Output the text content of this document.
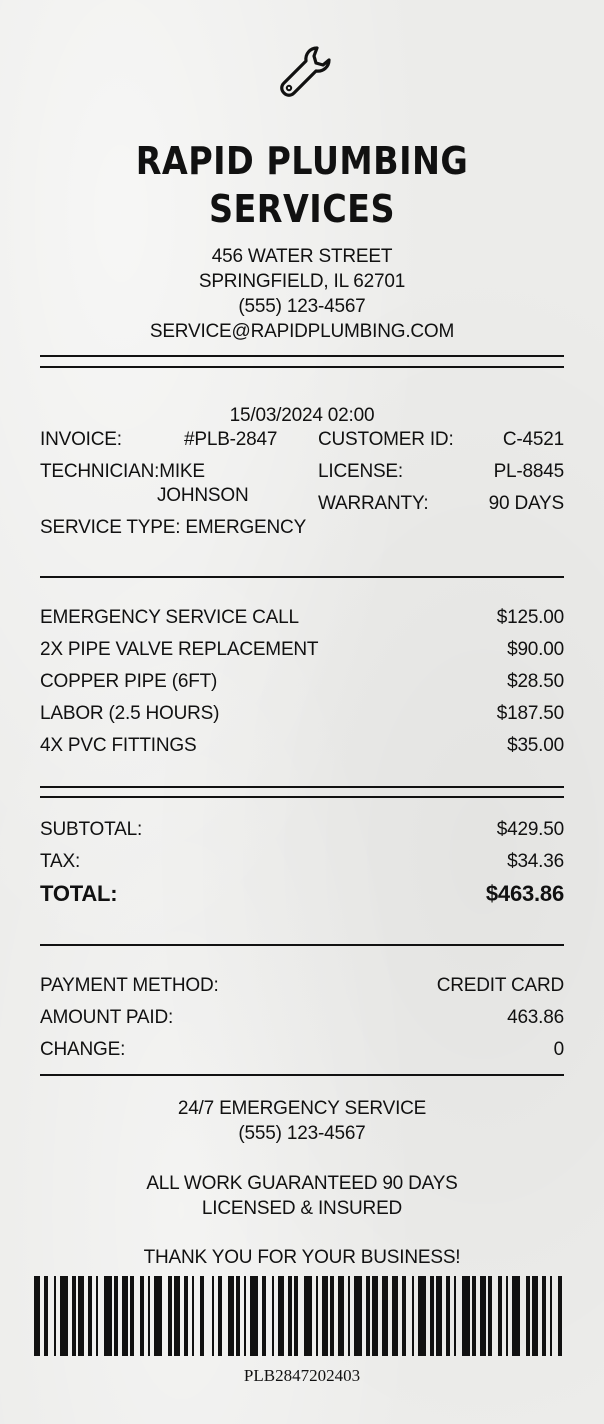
RAPID PLUMBING
SERVICES
456 WATER STREET
SPRINGFIELD, IL 62701
(555) 123-4567
SERVICE@RAPIDPLUMBING.COM
15/03/2024 02:00
INVOICE:	#PLB-2847 CUSTOMER ID:	C-4521
TECHNICIAN:MIKE
JOHNSON
LICENSE:	PL-8845
WARRANTY:	90 DAYS
SERVICE TYPE: EMERGENCY
EMERGENCY SERVICE CALL	$125.00
2X PIPE VALVE REPLACEMENT	$90.00
COPPER PIPE (6FT)	$28.50
LABOR (2.5 HOURS)	$187.50
4X PVC FITTINGS	$35.00
SUBTOTAL:	$429.50
TAX:	$34.36
TOTAL:	$463.86
PAYMENT METHOD:	CREDIT CARD
AMOUNT PAID:	463.86
CHANGE:	0
24/7 EMERGENCY SERVICE
(555) 123-4567
ALL WORK GUARANTEED 90 DAYS
LICENSED & INSURED
THANK YOU FOR YOUR BUSINESS!
PLB2847202403
